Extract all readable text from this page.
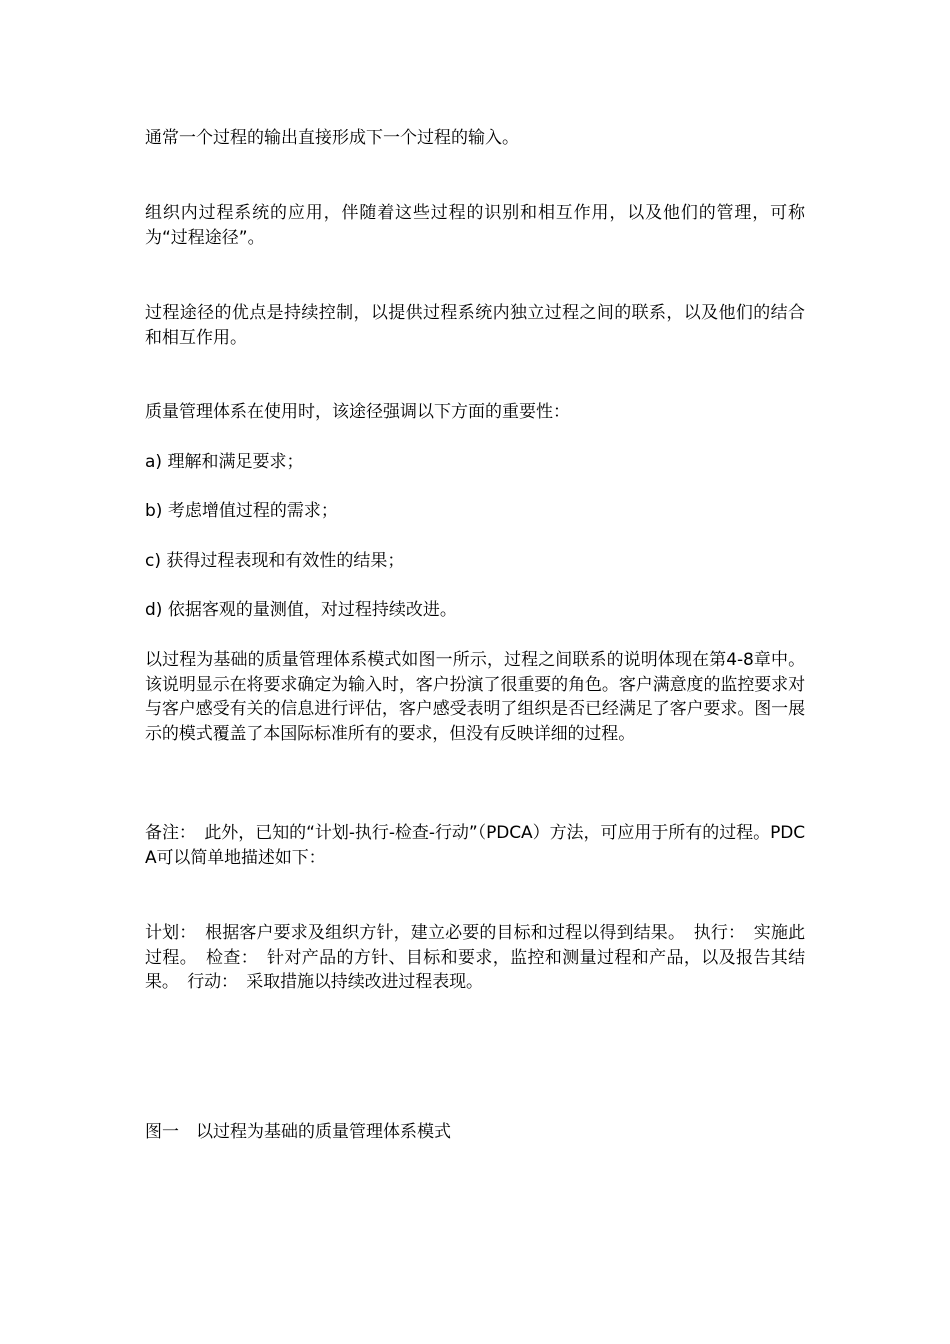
通常一个过程的输出直接形成下一个过程的输入。

组织内过程系统的应用，伴随着这些过程的识别和相互作用，以及他们的管理，可称为“过程途径”。

过程途径的优点是持续控制，以提供过程系统内独立过程之间的联系，以及他们的结合和相互作用。

质量管理体系在使用时，该途径强调以下方面的重要性：

a) 理解和满足要求；

b) 考虑增值过程的需求；

c) 获得过程表现和有效性的结果；

d) 依据客观的量测值，对过程持续改进。

以过程为基础的质量管理体系模式如图一所示，过程之间联系的说明体现在第4-8章中。该说明显示在将要求确定为输入时，客户扮演了很重要的角色。客户满意度的监控要求对与客户感受有关的信息进行评估，客户感受表明了组织是否已经满足了客户要求。图一展示的模式覆盖了本国际标准所有的要求，但没有反映详细的过程。

备注：　此外，已知的“计划-执行-检查-行动”（PDCA）方法，可应用于所有的过程。PDCA可以简单地描述如下：

计划：　根据客户要求及组织方针，建立必要的目标和过程以得到结果。　执行：　实施此过程。　检查：　针对产品的方针、目标和要求，监控和测量过程和产品，以及报告其结果。　行动：　采取措施以持续改进过程表现。

图一　以过程为基础的质量管理体系模式
